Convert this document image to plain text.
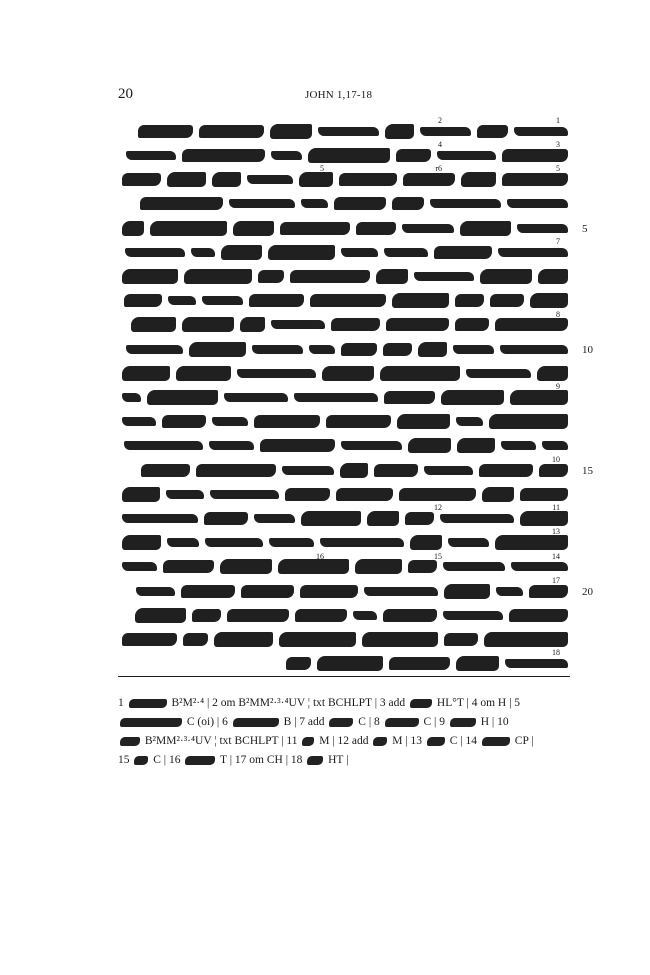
20	JOHN 1,17-18
1
2
3
4
5
r6
5
7
8
9
10
11
12
13
14
15
16
17
18
5
10
15
20
1	B²M²·⁴ | 2 om B²MM²·³·⁴UV ¦ txt BCHLPT | 3 add	HL°T | 4 om H | 5
C (oi) | 6	B | 7 add	C | 8	C | 9	H | 10
B²MM²·³·⁴UV ¦ txt BCHLPT | 11 M | 12 add M | 13 C | 14	CP |
15 C | 16	T | 17 om CH | 18 HT |
